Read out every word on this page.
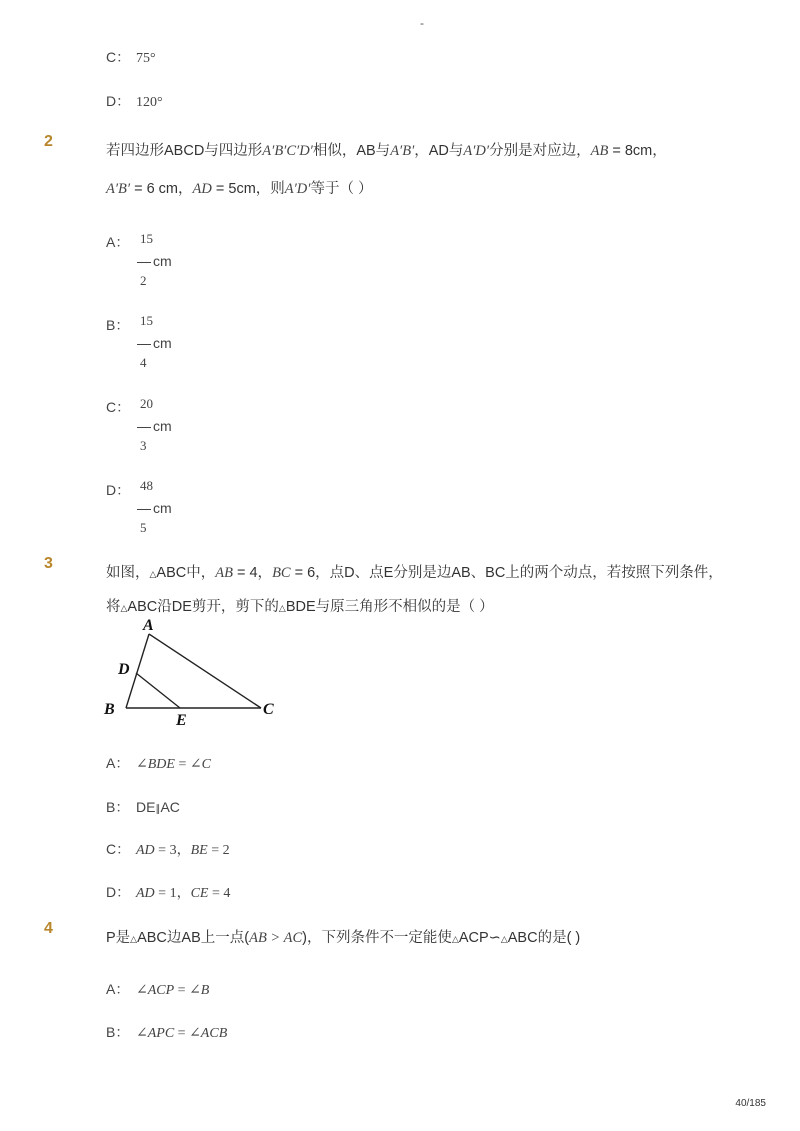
-
C： 75°
D： 120°
2
若四边形ABCD与四边形A′B′C′D′相似，AB与A′B′，AD与A′D′分别是对应边，AB = 8cm，
A′B′ = 6 cm，AD = 5cm，则A′D′等于（ ）
A： 15
cm
2
B： 15
cm
4
C： 20
cm
3
D： 48
cm
5
3
如图，△ABC中，AB = 4，BC = 6，点D、点E分别是边AB、BC上的两个动点，若按照下列条件，
将△ABC沿DE剪开，剪下的△BDE与原三角形不相似的是（ ）
A
B	C
D
E
A： ∠BDE = ∠C
B： DE∥AC
C： AD = 3，BE = 2
D： AD = 1，CE = 4
4
P是△ABC边AB上一点(AB > AC)，下列条件不一定能使△ACP∽△ABC的是( )
A： ∠ACP = ∠B
B： ∠APC = ∠ACB
40/185
